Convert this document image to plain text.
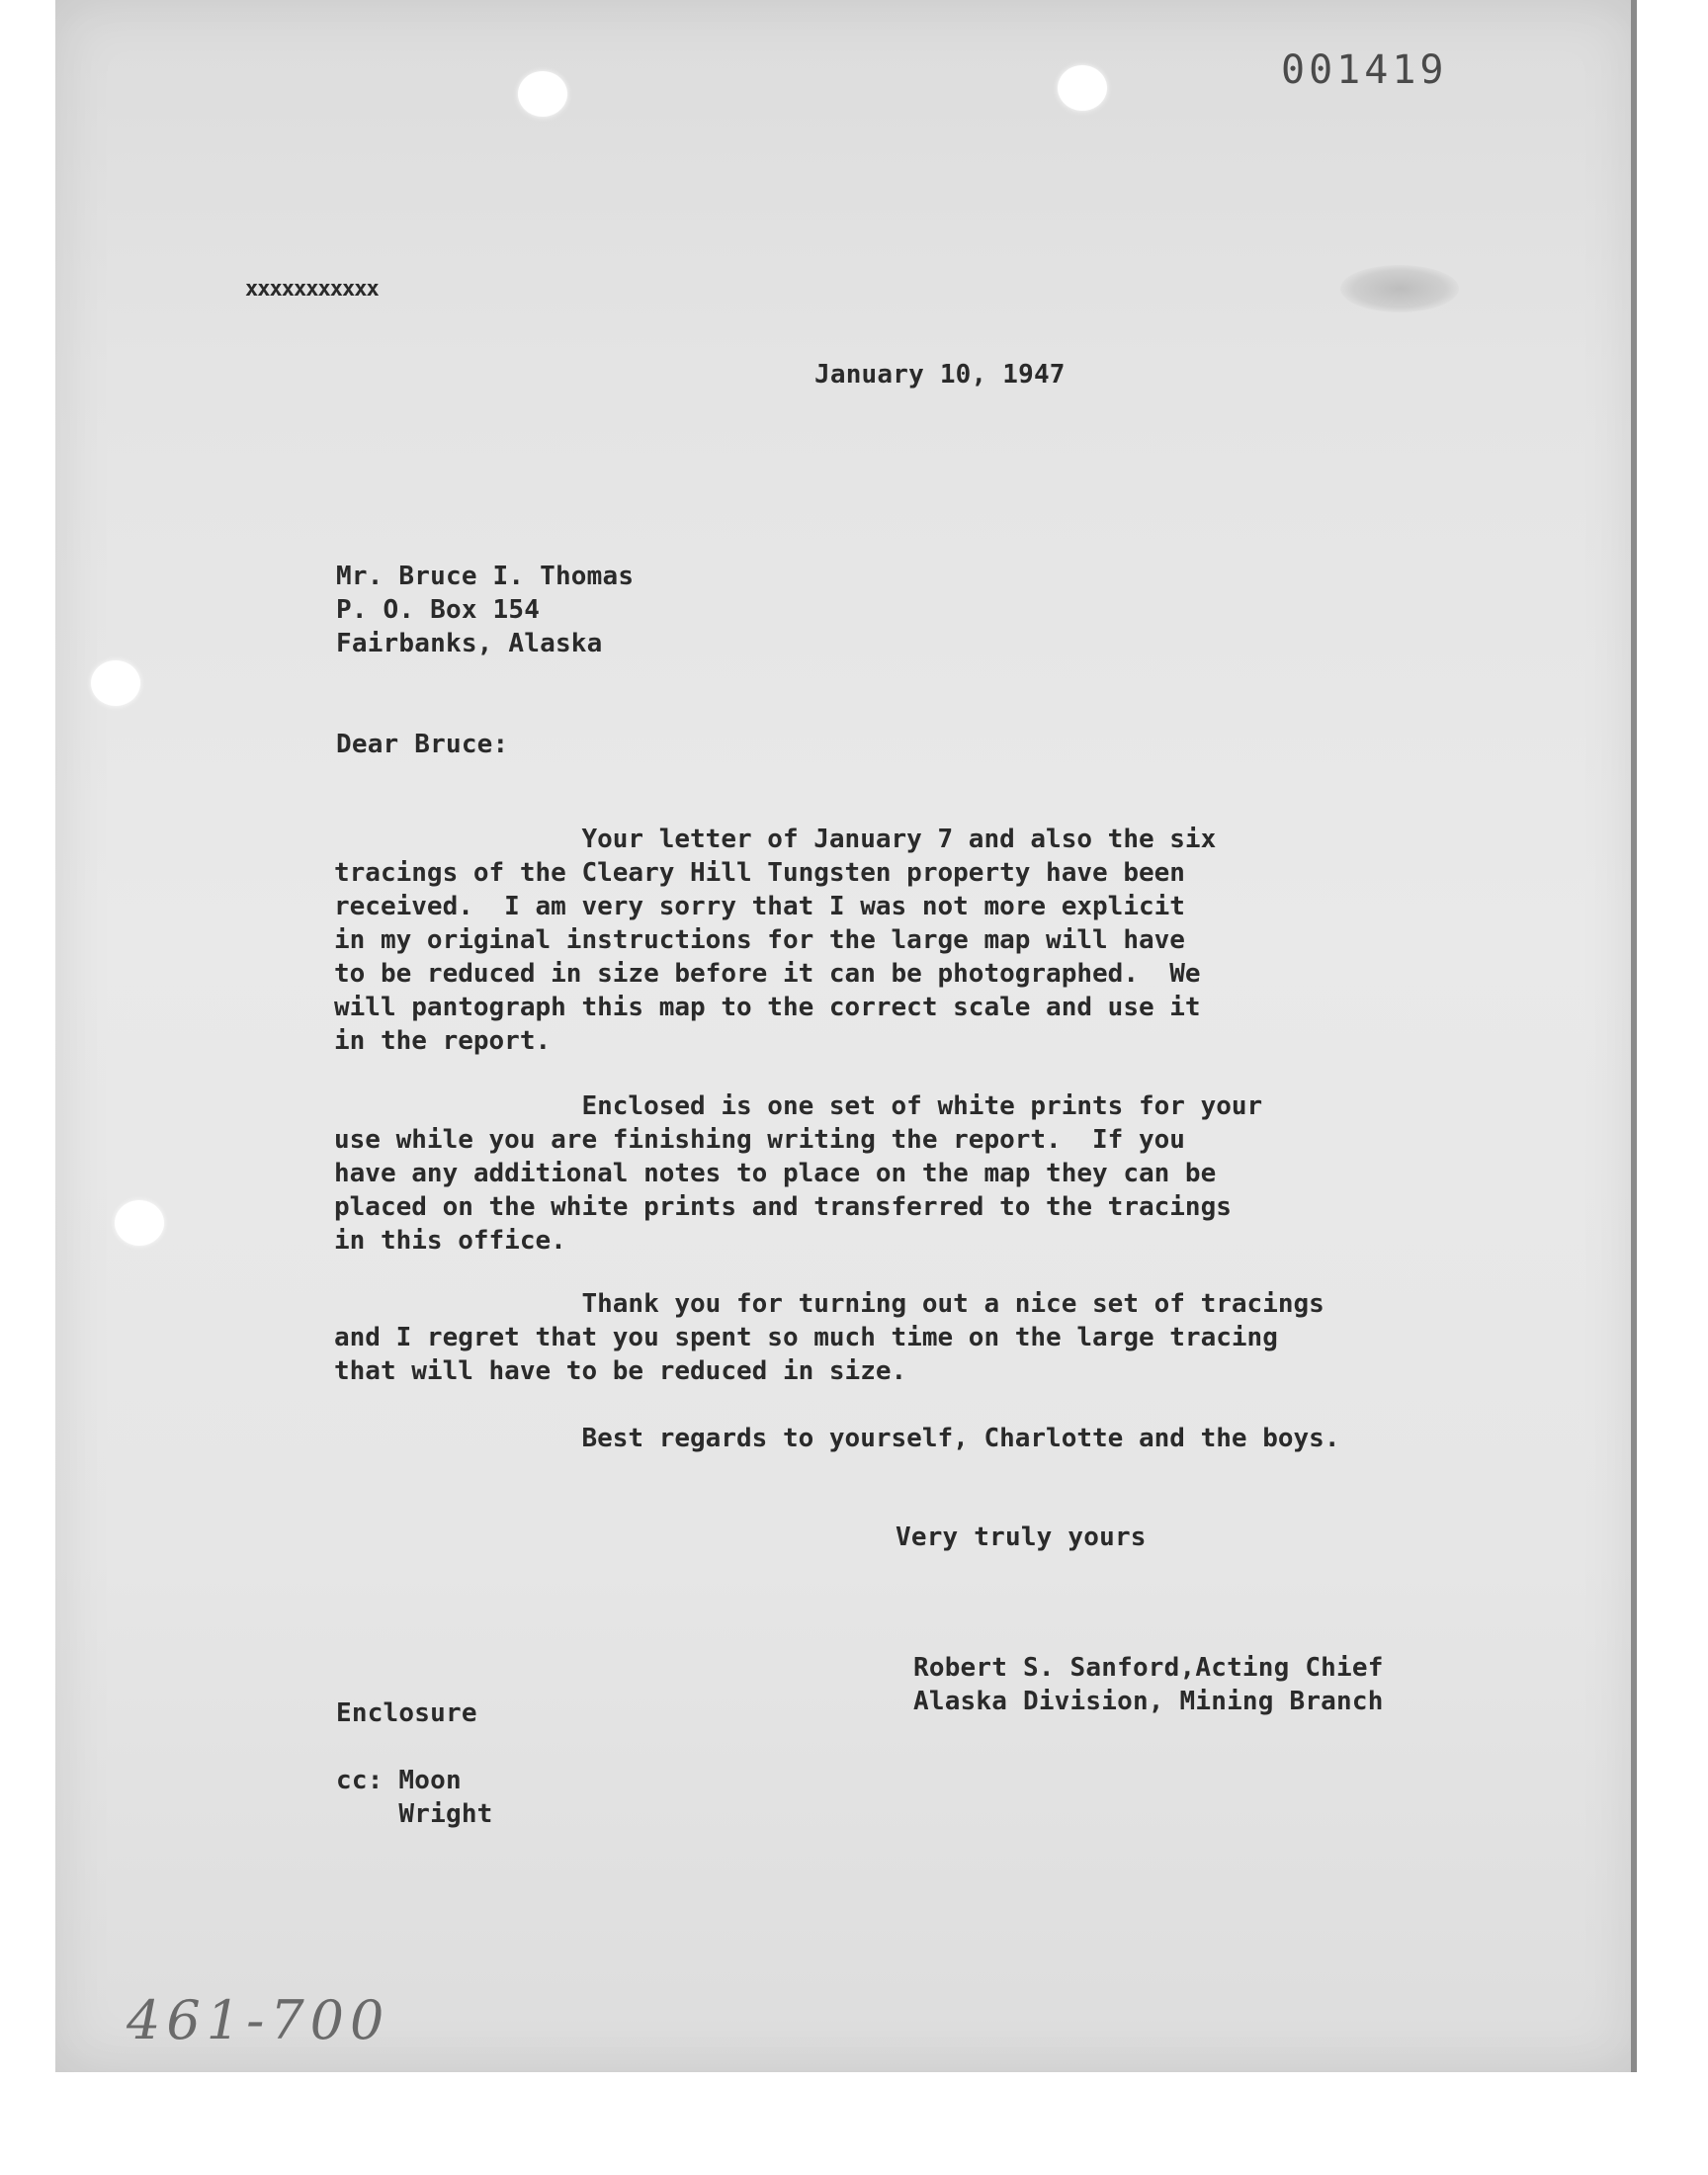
001419
xxxxxxxxxxx
January 10, 1947
Mr. Bruce I. Thomas
P. O. Box 154
Fairbanks, Alaska
Dear Bruce:

Your letter of January 7 and also the six

tracings of the Cleary Hill Tungsten property have been

received.  I am very sorry that I was not more explicit

in my original instructions for the large map will have

to be reduced in size before it can be photographed.  We

will pantograph this map to the correct scale and use it

in the report.

Enclosed is one set of white prints for your

use while you are finishing writing the report.  If you

have any additional notes to place on the map they can be

placed on the white prints and transferred to the tracings

in this office.

Thank you for turning out a nice set of tracings

and I regret that you spent so much time on the large tracing

that will have to be reduced in size.

Best regards to yourself, Charlotte and the boys.

Very truly yours
Robert S. Sanford,Acting Chief
Alaska Division, Mining Branch
Enclosure
cc: Moon
Wright
461-700
